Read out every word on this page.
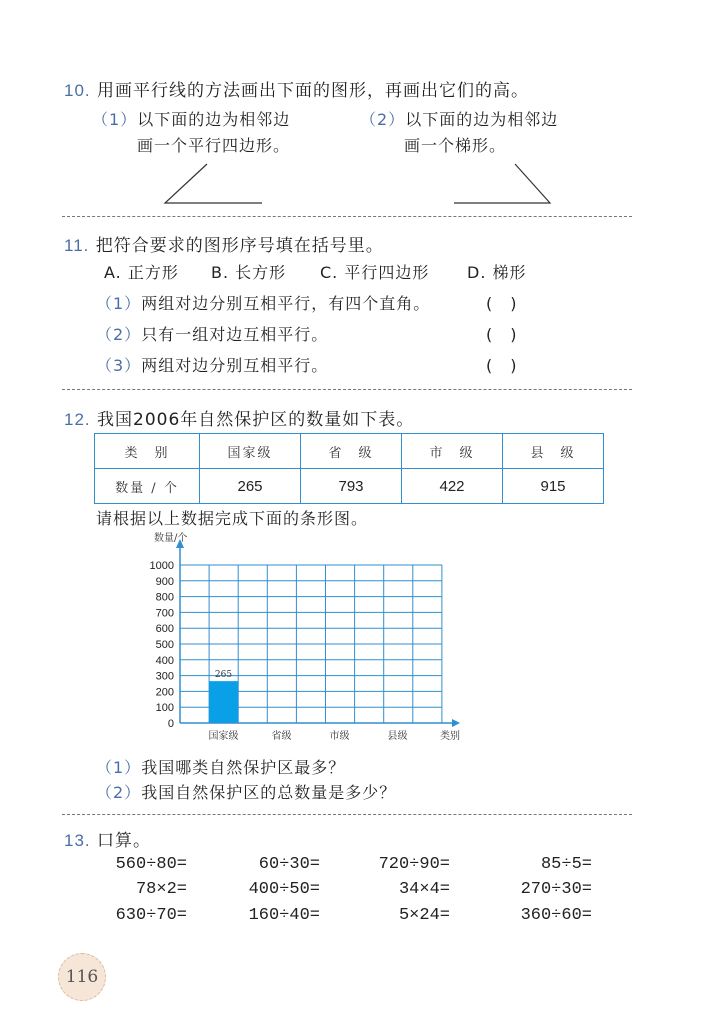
10. 用画平行线的方法画出下面的图形，再画出它们的高。
（1）以下面的边为相邻边
画一个平行四边形。
（2）以下面的边为相邻边
画一个梯形。
11. 把符合要求的图形序号填在括号里。
A. 正方形 B. 长方形 C. 平行四边形 D. 梯形
（1）两组对边分别互相平行，有四个直角。	(　)
（2）只有一组对边互相平行。	(　)
（3）两组对边分别互相平行。	(　)
12. 我国2006年自然保护区的数量如下表。
类　别	国家级	省　级	市　级	县　级
数量 / 个	265	793	422	915
请根据以上数据完成下面的条形图。
265
0
100
200
300
400
500
600
700
800
900
1000
数量/个
国家级	省级	市级	县级	类别
（1）我国哪类自然保护区最多？
（2）我国自然保护区的总数量是多少？
13. 口算。
560÷80=	60÷30=	720÷90=	85÷5=
78×2=	400÷50=	34×4=	270÷30=
630÷70=	160÷40=	5×24=	360÷60=
116
